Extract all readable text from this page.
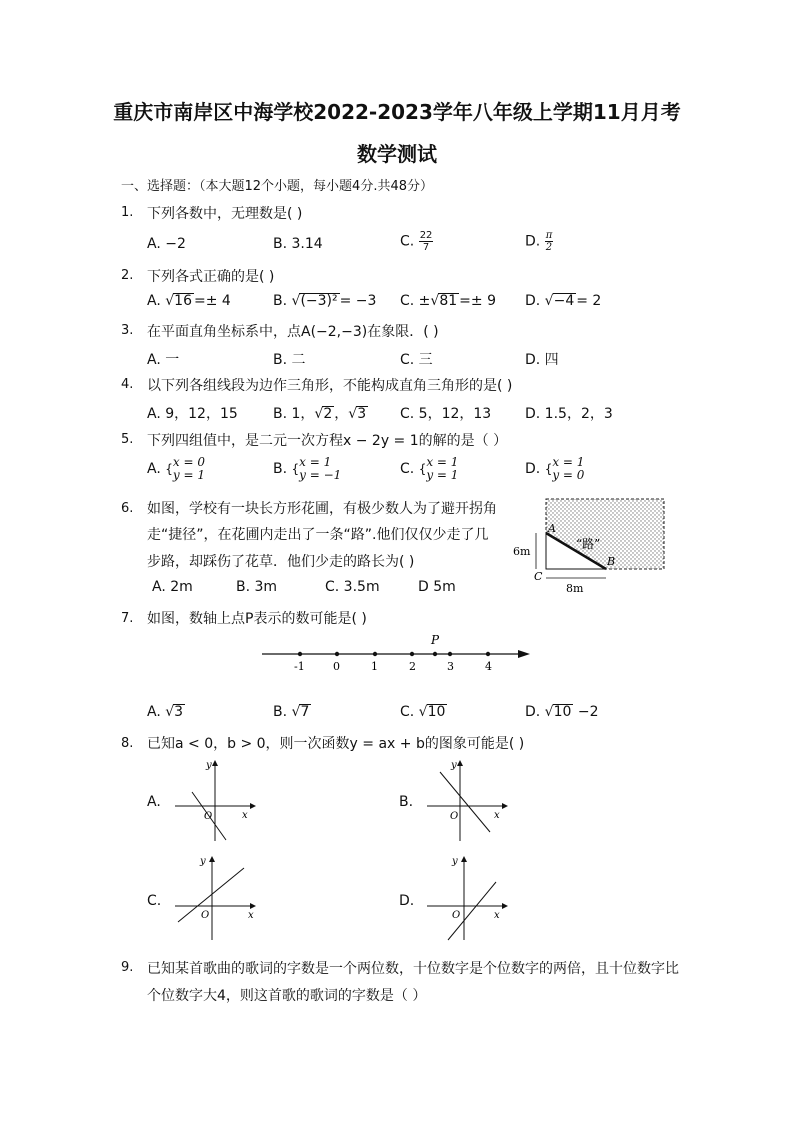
重庆市南岸区中海学校2022-2023学年八年级上学期11月月考
数学测试
一、选择题：（本大题12个小题，每小题4分.共48分）
1. 下列各数中，无理数是( )
A. −2	B. 3.14	C. $\frac{22}{7}$	D. $\frac{\pi}{2}$
2. 下列各式正确的是( )
A. √16 =± 4	B. √(−3)² = −3 C. ±√81 =± 9 D. √−4 = 2
3. 在平面直角坐标系中，点A(−2,−3)在象限．( )
A. 一	B. 二	C. 三	D. 四
4. 以下列各组线段为边作三角形，不能构成直角三角形的是( )
A. 9，12，15	B. 1，√2 ，√3 C. 5，12，13 D. 1.5，2，3
5. 下列四组值中，是二元一次方程x − 2y = 1的解的是（ ）
A. { x = 0
y = 1	B. { x = 1
y = −1	C. { x = 1
y = 1	D. { x = 1
y = 0
6. 如图，学校有一块长方形花圃，有极少数人为了避开拐角
走“捷径”，在花圃内走出了一条“路”.他们仅仅少走了几
步路，却踩伤了花草．他们少走的路长为( )
A. 2m	B. 3m	C. 3.5m	D 5m
A
B
C
“路”
6m
8m
7. 如图，数轴上点P表示的数可能是( )
P
-1	0	1	2	3	4
A. √3	B. √7	C. √10	D. √10 −2
8. 已知a < 0，b > 0，则一次函数y = ax + b的图象可能是( )
A.	B.
C.	D.
y
x
O
y
x
O
y
x
O
y
x
O
9. 已知某首歌曲的歌词的字数是一个两位数，十位数字是个位数字的两倍，且十位数字比
个位数字大4，则这首歌的歌词的字数是（ ）
